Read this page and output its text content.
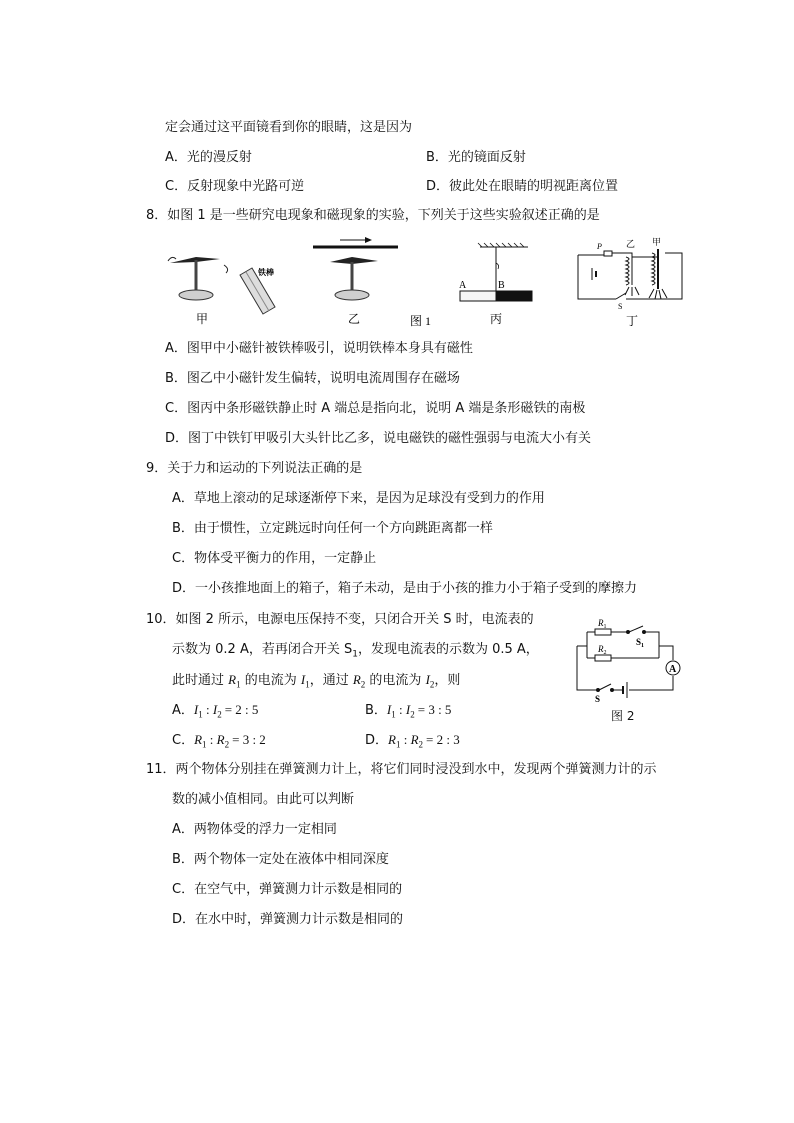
定会通过这平面镜看到你的眼睛，这是因为
A．光的漫反射	B．光的镜面反射
C．反射现象中光路可逆	D．彼此处在眼睛的明视距离位置
8．如图 1 是一些研究电现象和磁现象的实验，下列关于这些实验叙述正确的是
铁棒
A	B
P	乙 甲
S
甲	乙	图 1	丙	丁
A．图甲中小磁针被铁棒吸引，说明铁棒本身具有磁性
B．图乙中小磁针发生偏转，说明电流周围存在磁场
C．图丙中条形磁铁静止时 A 端总是指向北，说明 A 端是条形磁铁的南极
D．图丁中铁钉甲吸引大头针比乙多，说电磁铁的磁性强弱与电流大小有关
9．关于力和运动的下列说法正确的是
A．草地上滚动的足球逐渐停下来，是因为足球没有受到力的作用
B．由于惯性，立定跳远时向任何一个方向跳距离都一样
C．物体受平衡力的作用，一定静止
D．一小孩推地面上的箱子，箱子未动，是由于小孩的推力小于箱子受到的摩擦力
10．如图 2 所示，电源电压保持不变，只闭合开关 S 时，电流表的
示数为 0.2 A，若再闭合开关 $S_1$，发现电流表的示数为 0.5 A，
此时通过 $R_1$ 的电流为 $I_1$，通过 $R_2$ 的电流为 $I_2$，则
A．$I_1$ : $I_2 = 2$ : 5	B．$I_1$ : $I_2 = 3$ : 5
C．$R_1$ : $R_2 = 3$ : 2	D．$R_1$ : $R_2 = 2$ : 3
$R_1$
$R_2$
$S_1$
S
A
图 2
11．两个物体分别挂在弹簧测力计上，将它们同时浸没到水中，发现两个弹簧测力计的示
数的减小值相同。由此可以判断
A．两物体受的浮力一定相同
B．两个物体一定处在液体中相同深度
C．在空气中，弹簧测力计示数是相同的
D．在水中时，弹簧测力计示数是相同的
